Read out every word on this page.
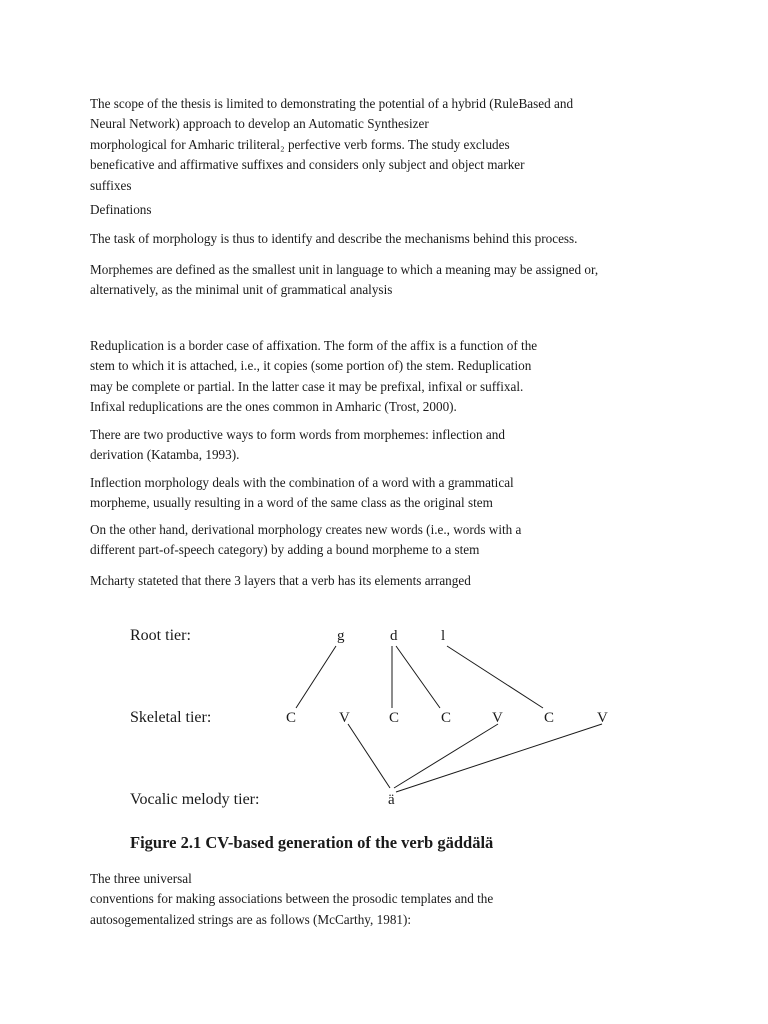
The scope of the thesis is limited to demonstrating the potential of a hybrid (RuleBased and
Neural Network) approach to develop an Automatic Synthesizer
morphological for Amharic triliteral₂ perfective verb forms. The study excludes
beneficative and affirmative suffixes and considers only subject and object marker
suffixes

Definations

The task of morphology is thus to identify and describe the mechanisms behind this process.

Morphemes are defined as the smallest unit in language to which a meaning may be assigned or,
alternatively, as the minimal unit of grammatical analysis

Reduplication is a border case of affixation. The form of the affix is a function of the
stem to which it is attached, i.e., it copies (some portion of) the stem. Reduplication
may be complete or partial. In the latter case it may be prefixal, infixal or suffixal.
Infixal reduplications are the ones common in Amharic (Trost, 2000).

There are two productive ways to form words from morphemes: inflection and
derivation (Katamba, 1993).

Inflection morphology deals with the combination of a word with a grammatical
morpheme, usually resulting in a word of the same class as the original stem

On the other hand, derivational morphology creates new words (i.e., words with a
different part-of-speech category) by adding a bound morpheme to a stem

Mcharty stateted that there 3 layers that a verb has its elements arranged

Root tier:
Skeletal tier:
Vocalic melody tier:
g	d	l
C	V	C	C	V	C	V
ä
Figure 2.1 CV-based generation of the verb gäddälä

The three universal
conventions for making associations between the prosodic templates and the
autosogementalized strings are as follows (McCarthy, 1981):
